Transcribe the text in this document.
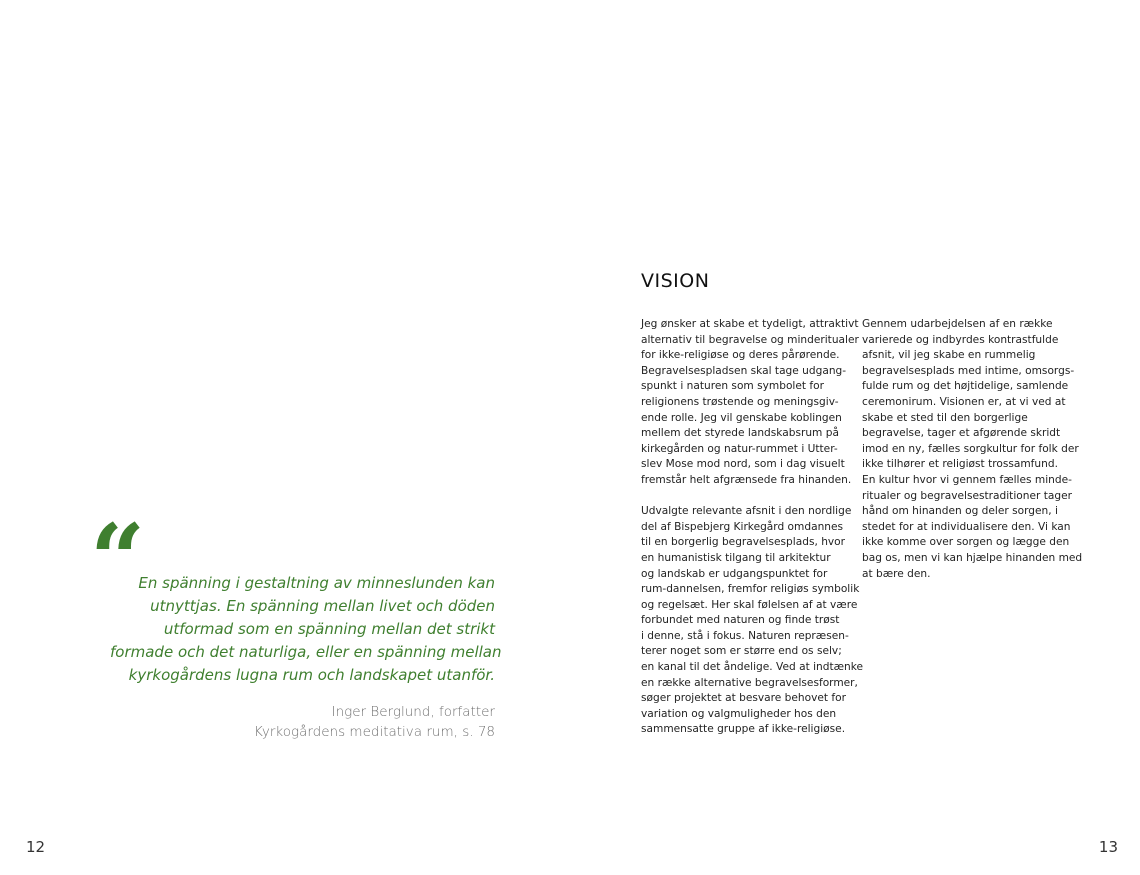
“

En spänning i gestaltning av minneslunden kan
utnyttjas. En spänning mellan livet och döden
utformad som en spänning mellan det strikt
formade och det naturliga, eller en spänning mellan
kyrkogårdens lugna rum och landskapet utanför.

Inger Berglund, forfatter
Kyrkogårdens meditativa rum, s. 78
12
VISION

Jeg ønsker at skabe et tydeligt, attraktivt
alternativ til begravelse og minderitualer
for ikke-religiøse og deres pårørende.
Begravelsespladsen skal tage udgang-
spunkt i naturen som symbolet for
religionens trøstende og meningsgiv-
ende rolle. Jeg vil genskabe koblingen
mellem det styrede landskabsrum på
kirkegården og natur-rummet i Utter-
slev Mose mod nord, som i dag visuelt
fremstår helt afgrænsede fra hinanden.

Udvalgte relevante afsnit i den nordlige
del af Bispebjerg Kirkegård omdannes
til en borgerlig begravelsesplads, hvor
en humanistisk tilgang til arkitektur
og landskab er udgangspunktet for
rum-dannelsen, fremfor religiøs symbolik
og regelsæt. Her skal følelsen af at være
forbundet med naturen og finde trøst
i denne, stå i fokus. Naturen repræsen-
terer noget som er større end os selv;
en kanal til det åndelige. Ved at indtænke
en række alternative begravelsesformer,
søger projektet at besvare behovet for
variation og valgmuligheder hos den
sammensatte gruppe af ikke-religiøse.

Gennem udarbejdelsen af en række
varierede og indbyrdes kontrastfulde
afsnit, vil jeg skabe en rummelig
begravelsesplads med intime, omsorgs-
fulde rum og det højtidelige, samlende
ceremonirum. Visionen er, at vi ved at
skabe et sted til den borgerlige
begravelse, tager et afgørende skridt
imod en ny, fælles sorgkultur for folk der
ikke tilhører et religiøst trossamfund.
En kultur hvor vi gennem fælles minde-
ritualer og begravelsestraditioner tager
hånd om hinanden og deler sorgen, i
stedet for at individualisere den. Vi kan
ikke komme over sorgen og lægge den
bag os, men vi kan hjælpe hinanden med
at bære den.

13
